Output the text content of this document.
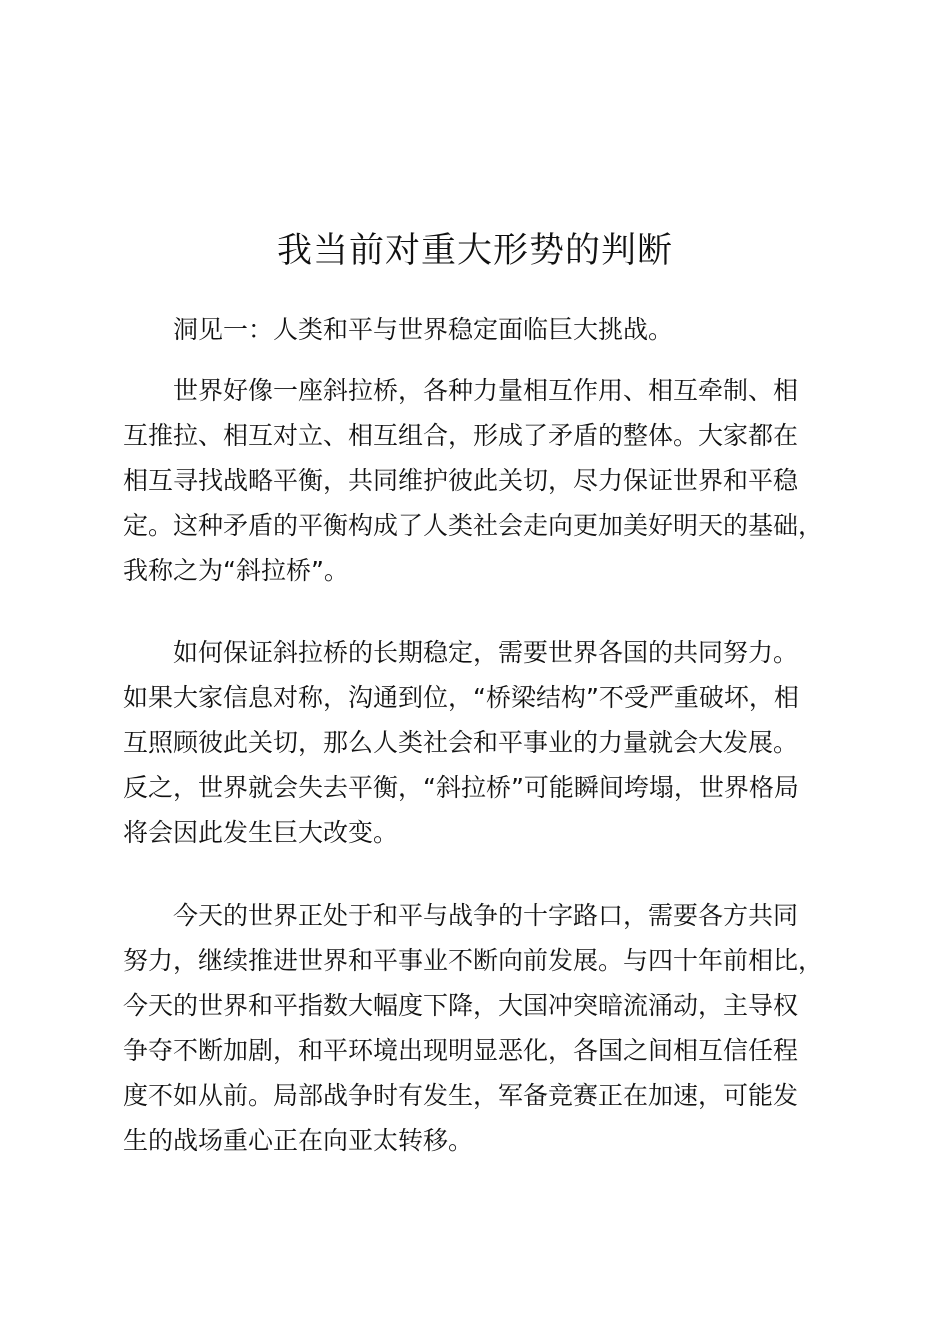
我当前对重大形势的判断
洞见一：人类和平与世界稳定面临巨大挑战。
世界好像一座斜拉桥，各种力量相互作用、相互牵制、相
互推拉、相互对立、相互组合，形成了矛盾的整体。大家都在
相互寻找战略平衡，共同维护彼此关切，尽力保证世界和平稳
定。这种矛盾的平衡构成了人类社会走向更加美好明天的基础，
我称之为“斜拉桥”。
如何保证斜拉桥的长期稳定，需要世界各国的共同努力。
如果大家信息对称，沟通到位，“桥梁结构”不受严重破坏，相
互照顾彼此关切，那么人类社会和平事业的力量就会大发展。
反之，世界就会失去平衡，“斜拉桥”可能瞬间垮塌，世界格局
将会因此发生巨大改变。
今天的世界正处于和平与战争的十字路口，需要各方共同
努力，继续推进世界和平事业不断向前发展。与四十年前相比，
今天的世界和平指数大幅度下降，大国冲突暗流涌动，主导权
争夺不断加剧，和平环境出现明显恶化，各国之间相互信任程
度不如从前。局部战争时有发生，军备竞赛正在加速，可能发
生的战场重心正在向亚太转移。
